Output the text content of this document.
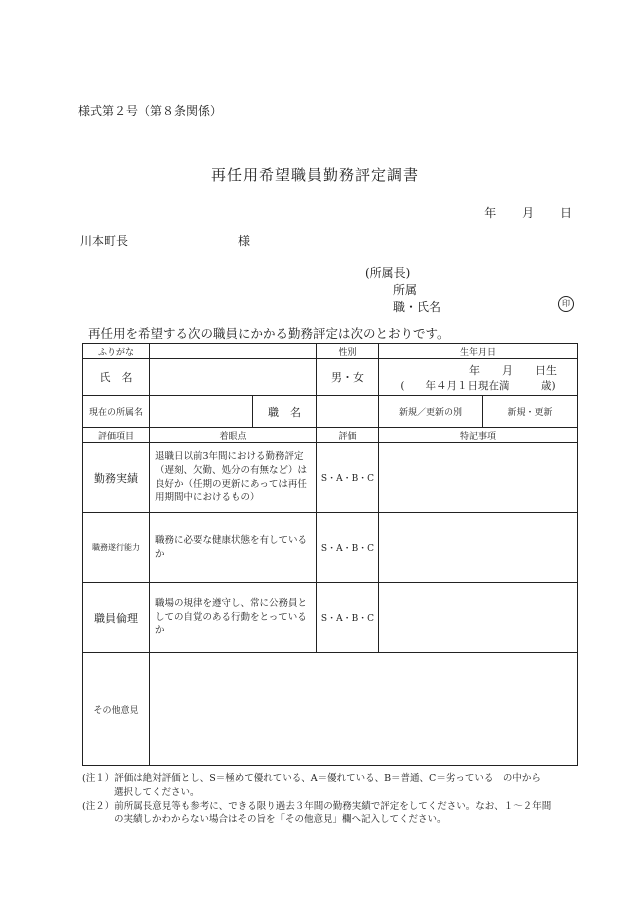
様式第２号（第８条関係）
再任用希望職員勤務評定調書
年 月 日
川本町長	様
(所属長)
所属
職・氏名	印
再任用を希望する次の職員にかかる勤務評定は次のとおりです。
ふりがな			性別	生年月日	
氏　名			男・女	年　　月　　日生
(　　年４月１日現在満　　　歳)	

現在の所属名		職　名		新規／更新の別	新規・更新
評価項目	着眼点		評価	特記事項	
勤務実績	退職日以前3年間における勤務評定（遅刻、欠勤、処分の有無など）は良好か（任期の更新にあっては再任用期間中におけるもの）		S・A・B・C		
職務遂行能力	職務に必要な健康状態を有しているか		S・A・B・C		
職員倫理	職場の規律を遵守し、常に公務員としての自覚のある行動をとっているか		S・A・B・C		
その他意見					
(注１）評価は絶対評価とし、S＝極めて優れている、A＝優れている、B＝普通、C＝劣っている　の中から
選択してください。
(注２）前所属長意見等も参考に、できる限り過去３年間の勤務実績で評定をしてください。なお、１～２年間
の実績しかわからない場合はその旨を「その他意見」欄へ記入してください。
